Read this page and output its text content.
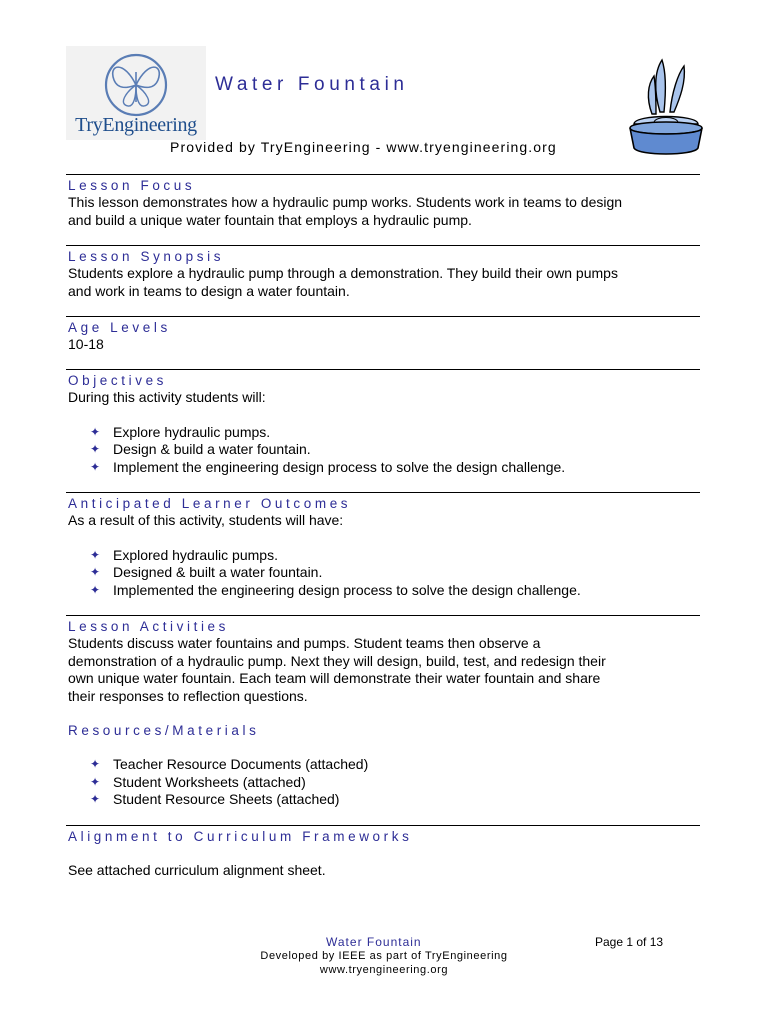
TryEngineering
Water Fountain
Provided by TryEngineering - www.tryengineering.org
Lesson Focus
This lesson demonstrates how a hydraulic pump works. Students work in teams to design
and build a unique water fountain that employs a hydraulic pump.
Lesson Synopsis
Students explore a hydraulic pump through a demonstration. They build their own pumps
and work in teams to design a water fountain.
Age Levels
10-18
Objectives
During this activity students will:
✦ Explore hydraulic pumps.
✦ Design & build a water fountain.
✦ Implement the engineering design process to solve the design challenge.
Anticipated Learner Outcomes
As a result of this activity, students will have:
✦ Explored hydraulic pumps.
✦ Designed & built a water fountain.
✦ Implemented the engineering design process to solve the design challenge.
Lesson Activities
Students discuss water fountains and pumps. Student teams then observe a
demonstration of a hydraulic pump. Next they will design, build, test, and redesign their
own unique water fountain. Each team will demonstrate their water fountain and share
their responses to reflection questions.
Resources/Materials
✦ Teacher Resource Documents (attached)
✦ Student Worksheets (attached)
✦ Student Resource Sheets (attached)
Alignment to Curriculum Frameworks
See attached curriculum alignment sheet.
Water Fountain	Page 1 of 13
Developed by IEEE as part of TryEngineering
www.tryengineering.org
